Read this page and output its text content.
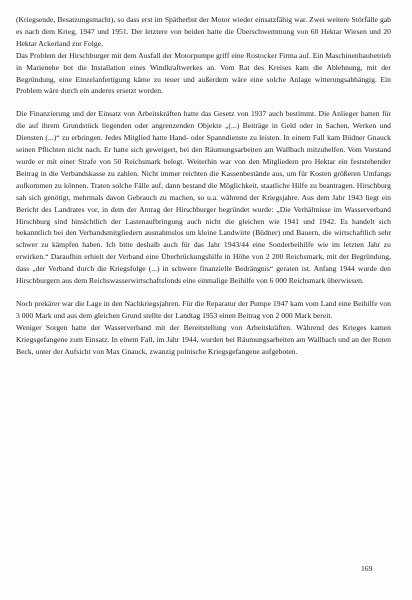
(Kriegsende, Besatzungsmacht), so dass erst im Spätherbst der Motor wieder einsatzfähig war. Zwei weitere Störfälle gab es nach dem Krieg, 1947 und 1951. Der letztere von beiden hatte die Überschwemmung von 60 Hektar Wiesen und 20 Hektar Ackerland zur Folge.

Das Problem der Hirschburger mit dem Ausfall der Motorpumpe griff eine Rostocker Firma auf. Ein Maschinenbaubetrieb in Marienehe bot die Installation eines Windkraftwerkes an. Vom Rat des Kreises kam die Ablehnung, mit der Begründung, eine Einzelanfertigung käme zu teuer und außerdem wäre eine solche Anlage witterungsabhängig. Ein Problem wäre durch ein anderes ersetzt worden.

Die Finanzierung und der Einsatz von Arbeitskräften hatte das Gesetz von 1937 auch bestimmt. Die Anlieger hatten für die auf ihrem Grundstück liegenden oder angrenzenden Objekte „(...) Beiträge in Geld oder in Sachen, Werken und Diensten (...)“ zu erbringen. Jedes Mitglied hatte Hand- oder Spanndienste zu leisten. In einem Fall kam Büdner Gnauck seinen Pflichten nicht nach. Er hatte sich geweigert, bei den Räumungsarbeiten am Wallbach mitzuhelfen. Vom Vorstand wurde er mit einer Strafe von 50 Reichsmark belegt. Weiterhin war von den Mitgliedern pro Hektar ein feststehender Beitrag in die Verbandskasse zu zahlen. Nicht immer reichten die Kassenbestände aus, um für Kosten größeren Umfangs aufkommen zu können. Traten solche Fälle auf, dann bestand die Möglichkeit, staatliche Hilfe zu beantragen. Hirschburg sah sich genötigt, mehrmals davon Gebrauch zu machen, so u.a. während der Kriegsjahre. Aus dem Jahr 1943 liegt ein Bericht des Landrates vor, in dem der Antrag der Hirschburger begründet wurde: „Die Verhältnisse im Wasserverband Hirschburg sind hinsichtlich der Lastenaufbringung auch nicht die gleichen wie 1941 und 1942. Es handelt sich bekanntlich bei den Verbandsmitgliedern ausnahmslos um kleine Landwirte (Büdner) und Bauern, die wirtschaftlich sehr schwer zu kämpfen haben. Ich bitte deshalb auch für das Jahr 1943/44 eine Sonderbeihilfe wie im letzten Jahr zu erwirken.“ Daraufhin erhielt der Verband eine Überbrückungshilfe in Höhe von 2 200 Reichsmark, mit der Begründung, dass „der Verband durch die Kriegsfolge (...) in schwere finanzielle Bedrängnis“ geraten ist. Anfang 1944 wurde den Hirschburgern aus dem Reichswasserwirtschaftsfonds eine einmalige Beihilfe von 6 000 Reichsmark überwiesen.

Noch prekärer war die Lage in den Nachkriegsjahren. Für die Reparatur der Pumpe 1947 kam vom Land eine Beihilfe von 3 000 Mark und aus dem gleichen Grund stellte der Landtag 1953 einen Beitrag von 2 000 Mark bereit.

Weniger Sorgen hatte der Wasserverband mit der Bereitstellung von Arbeitskräften. Während des Krieges kamen Kriegsgefangene zum Einsatz. In einem Fall, im Jahr 1944, wurden bei Räumungsarbeiten am Wallbach und an der Roten Beck, unter der Aufsicht von Max Gnauck, zwanzig polnische Kriegsgefangene aufgeboten.

169
